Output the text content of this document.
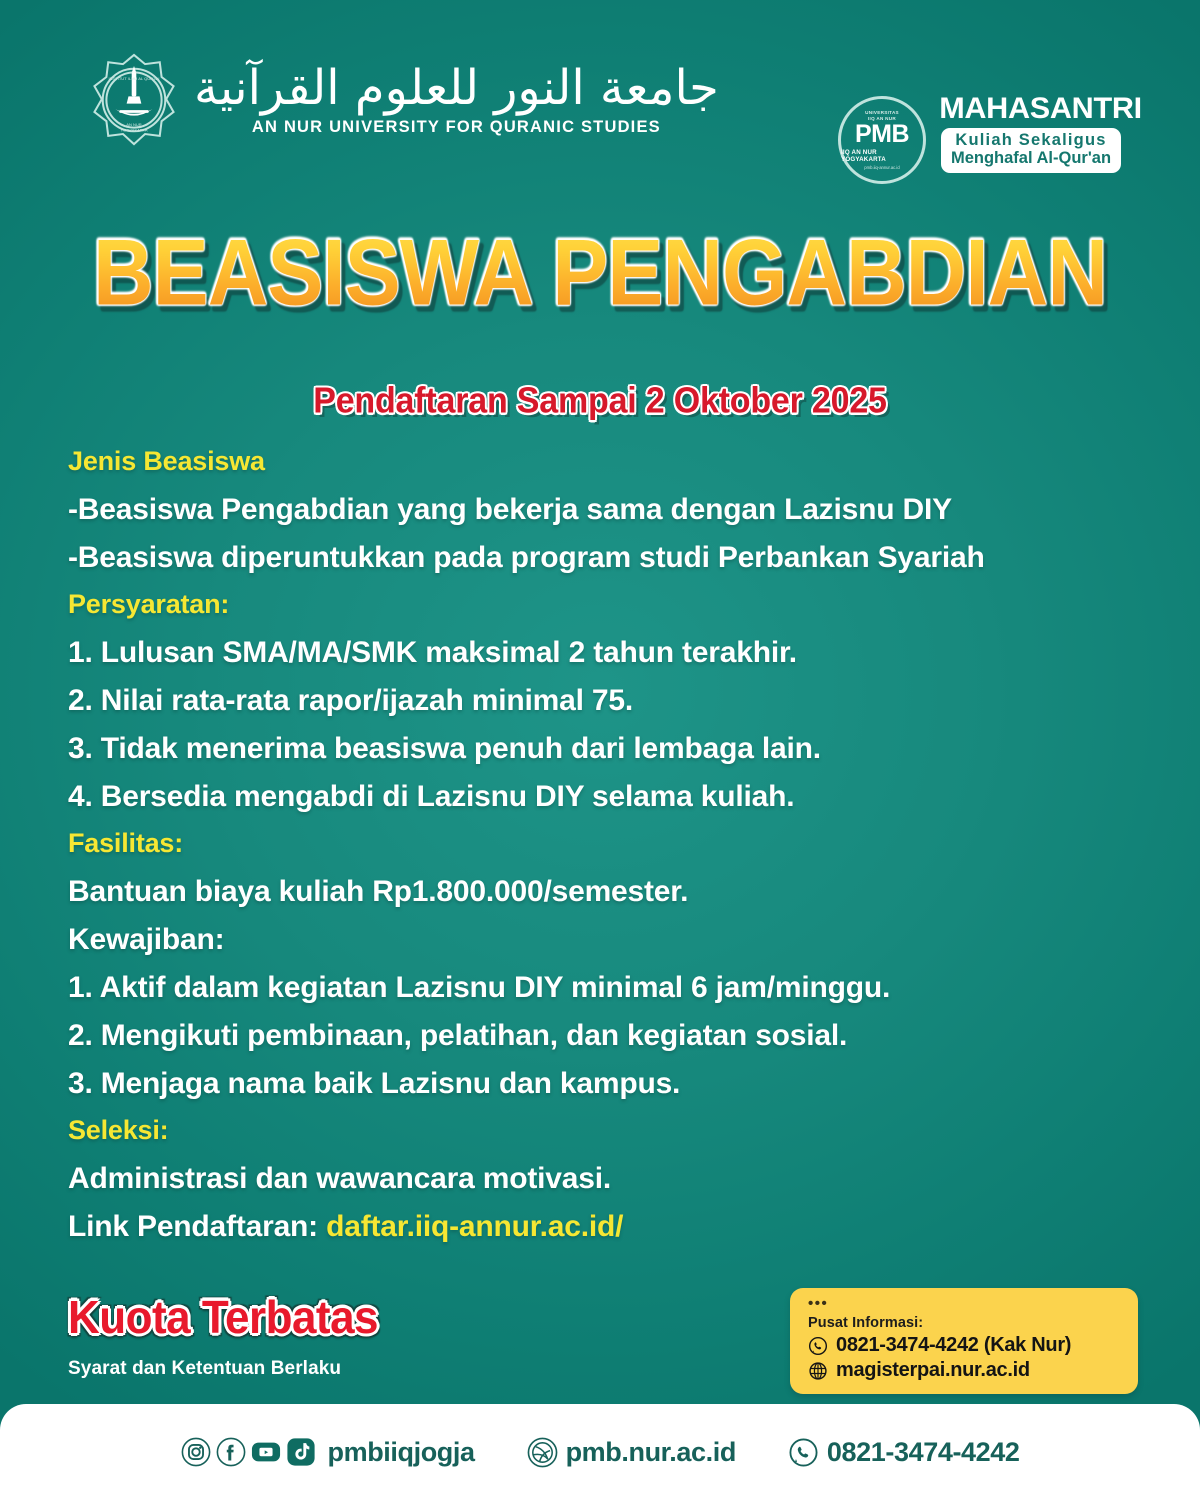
INSTITUT ILMU AL QUR'AN
AN NUR
YOGYAKARTA
جامعة النور للعلوم القرآنية
AN NUR UNIVERSITY FOR QURANIC STUDIES
UNIVERSITAS
IIQ AN NUR
PMB
IIQ AN NUR YOGYAKARTA
pmb.iiq-annur.ac.id
MAHASANTRI
Kuliah Sekaligus
Menghafal Al-Qur'an
BEASISWA PENGABDIAN
Pendaftaran Sampai 2 Oktober 2025
Jenis Beasiswa
-Beasiswa Pengabdian yang bekerja sama dengan Lazisnu DIY
-Beasiswa diperuntukkan pada program studi Perbankan Syariah
Persyaratan:
1. Lulusan SMA/MA/SMK maksimal 2 tahun terakhir.
2. Nilai rata-rata rapor/ijazah minimal 75.
3. Tidak menerima beasiswa penuh dari lembaga lain.
4. Bersedia mengabdi di Lazisnu DIY selama kuliah.
Fasilitas:
Bantuan biaya kuliah Rp1.800.000/semester.
Kewajiban:
1. Aktif dalam kegiatan Lazisnu DIY minimal 6 jam/minggu.
2. Mengikuti pembinaan, pelatihan, dan kegiatan sosial.
3. Menjaga nama baik Lazisnu dan kampus.
Seleksi:
Administrasi dan wawancara motivasi.
Link Pendaftaran: daftar.iiq-annur.ac.id/
Kuota Terbatas
Syarat dan Ketentuan Berlaku
•••
Pusat Informasi:
0821-3474-4242 (Kak Nur)
magisterpai.nur.ac.id
pmbiiqjogja	pmb.nur.ac.id	0821-3474-4242
